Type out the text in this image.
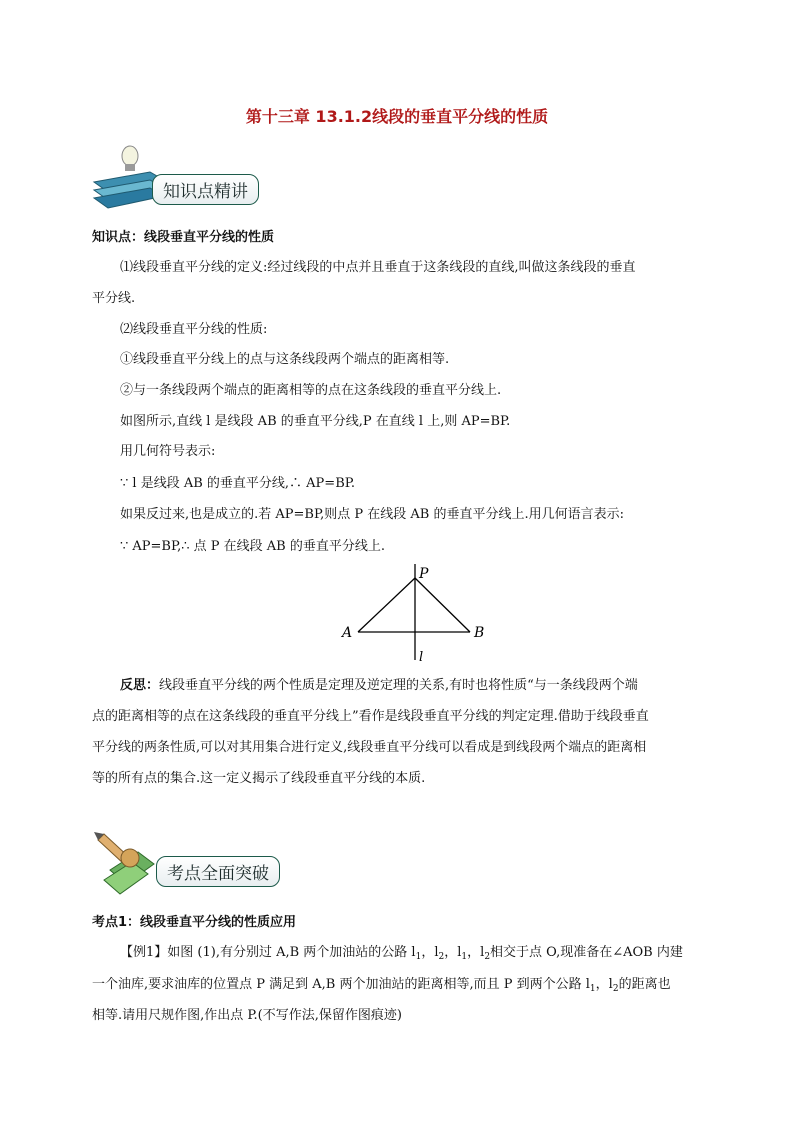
第十三章 13.1.2线段的垂直平分线的性质
知识点精讲
知识点：线段垂直平分线的性质
⑴线段垂直平分线的定义:经过线段的中点并且垂直于这条线段的直线,叫做这条线段的垂直
平分线.
⑵线段垂直平分线的性质:
①线段垂直平分线上的点与这条线段两个端点的距离相等.
②与一条线段两个端点的距离相等的点在这条线段的垂直平分线上.
如图所示,直线 l 是线段 AB 的垂直平分线,P 在直线 l 上,则 AP=BP.
用几何符号表示:
∵ l 是线段 AB 的垂直平分线,∴ AP=BP.
如果反过来,也是成立的.若 AP=BP,则点 P 在线段 AB 的垂直平分线上.用几何语言表示:
∵ AP=BP,∴ 点 P 在线段 AB 的垂直平分线上.
P
A	B
l
反思：线段垂直平分线的两个性质是定理及逆定理的关系,有时也将性质“与一条线段两个端
点的距离相等的点在这条线段的垂直平分线上”看作是线段垂直平分线的判定定理.借助于线段垂直
平分线的两条性质,可以对其用集合进行定义,线段垂直平分线可以看成是到线段两个端点的距离相
等的所有点的集合.这一定义揭示了线段垂直平分线的本质.
考点全面突破
考点1：线段垂直平分线的性质应用
【例1】如图 (1),有分别过 A,B 两个加油站的公路 $l_1$，$l_2$，$l_1$，$l_2$相交于点 O,现准备在∠AOB 内建
一个油库,要求油库的位置点 P 满足到 A,B 两个加油站的距离相等,而且 P 到两个公路 $l_1$，$l_2$的距离也
相等.请用尺规作图,作出点 P.(不写作法,保留作图痕迹)
